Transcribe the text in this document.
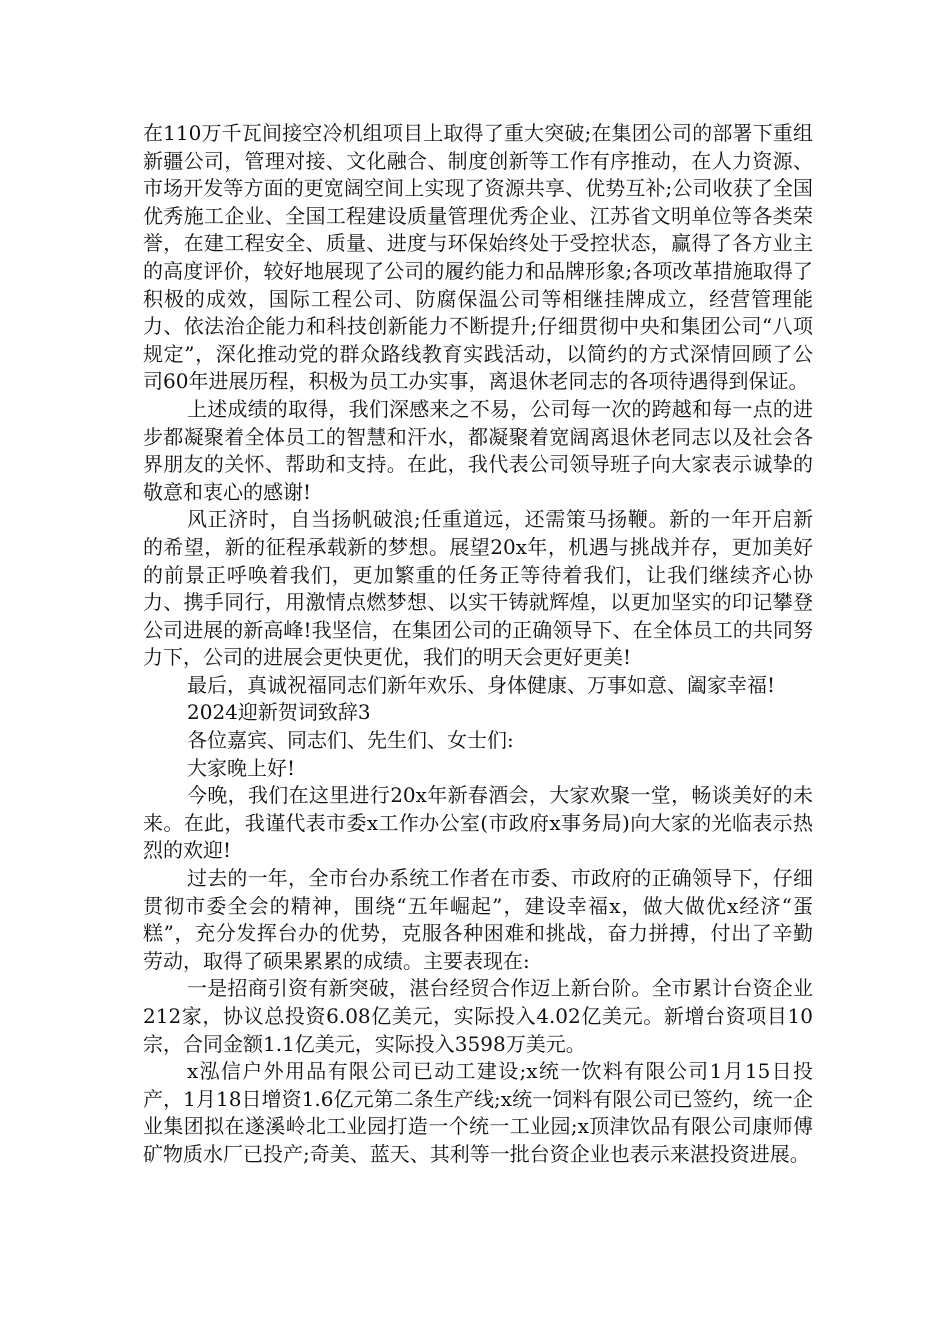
在110万千瓦间接空冷机组项目上取得了重大突破;在集团公司的部署下重组新疆公司，管理对接、文化融合、制度创新等工作有序推动，在人力资源、市场开发等方面的更宽阔空间上实现了资源共享、优势互补;公司收获了全国优秀施工企业、全国工程建设质量管理优秀企业、江苏省文明单位等各类荣誉，在建工程安全、质量、进度与环保始终处于受控状态，赢得了各方业主的高度评价，较好地展现了公司的履约能力和品牌形象;各项改革措施取得了积极的成效，国际工程公司、防腐保温公司等相继挂牌成立，经营管理能力、依法治企能力和科技创新能力不断提升;仔细贯彻中央和集团公司“八项规定”，深化推动党的群众路线教育实践活动，以简约的方式深情回顾了公司60年进展历程，积极为员工办实事，离退休老同志的各项待遇得到保证。

上述成绩的取得，我们深感来之不易，公司每一次的跨越和每一点的进步都凝聚着全体员工的智慧和汗水，都凝聚着宽阔离退休老同志以及社会各界朋友的关怀、帮助和支持。在此，我代表公司领导班子向大家表示诚挚的敬意和衷心的感谢!

风正济时，自当扬帆破浪;任重道远，还需策马扬鞭。新的一年开启新的希望，新的征程承载新的梦想。展望20x年，机遇与挑战并存，更加美好的前景正呼唤着我们，更加繁重的任务正等待着我们，让我们继续齐心协力、携手同行，用激情点燃梦想、以实干铸就辉煌，以更加坚实的印记攀登公司进展的新高峰!我坚信，在集团公司的正确领导下、在全体员工的共同努力下，公司的进展会更快更优，我们的明天会更好更美!

最后，真诚祝福同志们新年欢乐、身体健康、万事如意、阖家幸福!

2024迎新贺词致辞3

各位嘉宾、同志们、先生们、女士们:

大家晚上好!

今晚，我们在这里进行20x年新春酒会，大家欢聚一堂，畅谈美好的未来。在此，我谨代表市委x工作办公室(市政府x事务局)向大家的光临表示热烈的欢迎!

过去的一年，全市台办系统工作者在市委、市政府的正确领导下，仔细贯彻市委全会的精神，围绕“五年崛起”，建设幸福x，做大做优x经济“蛋糕”，充分发挥台办的优势，克服各种困难和挑战，奋力拼搏，付出了辛勤劳动，取得了硕果累累的成绩。主要表现在:

一是招商引资有新突破，湛台经贸合作迈上新台阶。全市累计台资企业212家，协议总投资6.08亿美元，实际投入4.02亿美元。新增台资项目10宗，合同金额1.1亿美元，实际投入3598万美元。

x泓信户外用品有限公司已动工建设;x统一饮料有限公司1月15日投产，1月18日增资1.6亿元第二条生产线;x统一饲料有限公司已签约，统一企业集团拟在遂溪岭北工业园打造一个统一工业园;x顶津饮品有限公司康师傅矿物质水厂已投产;奇美、蓝天、其利等一批台资企业也表示来湛投资进展。
